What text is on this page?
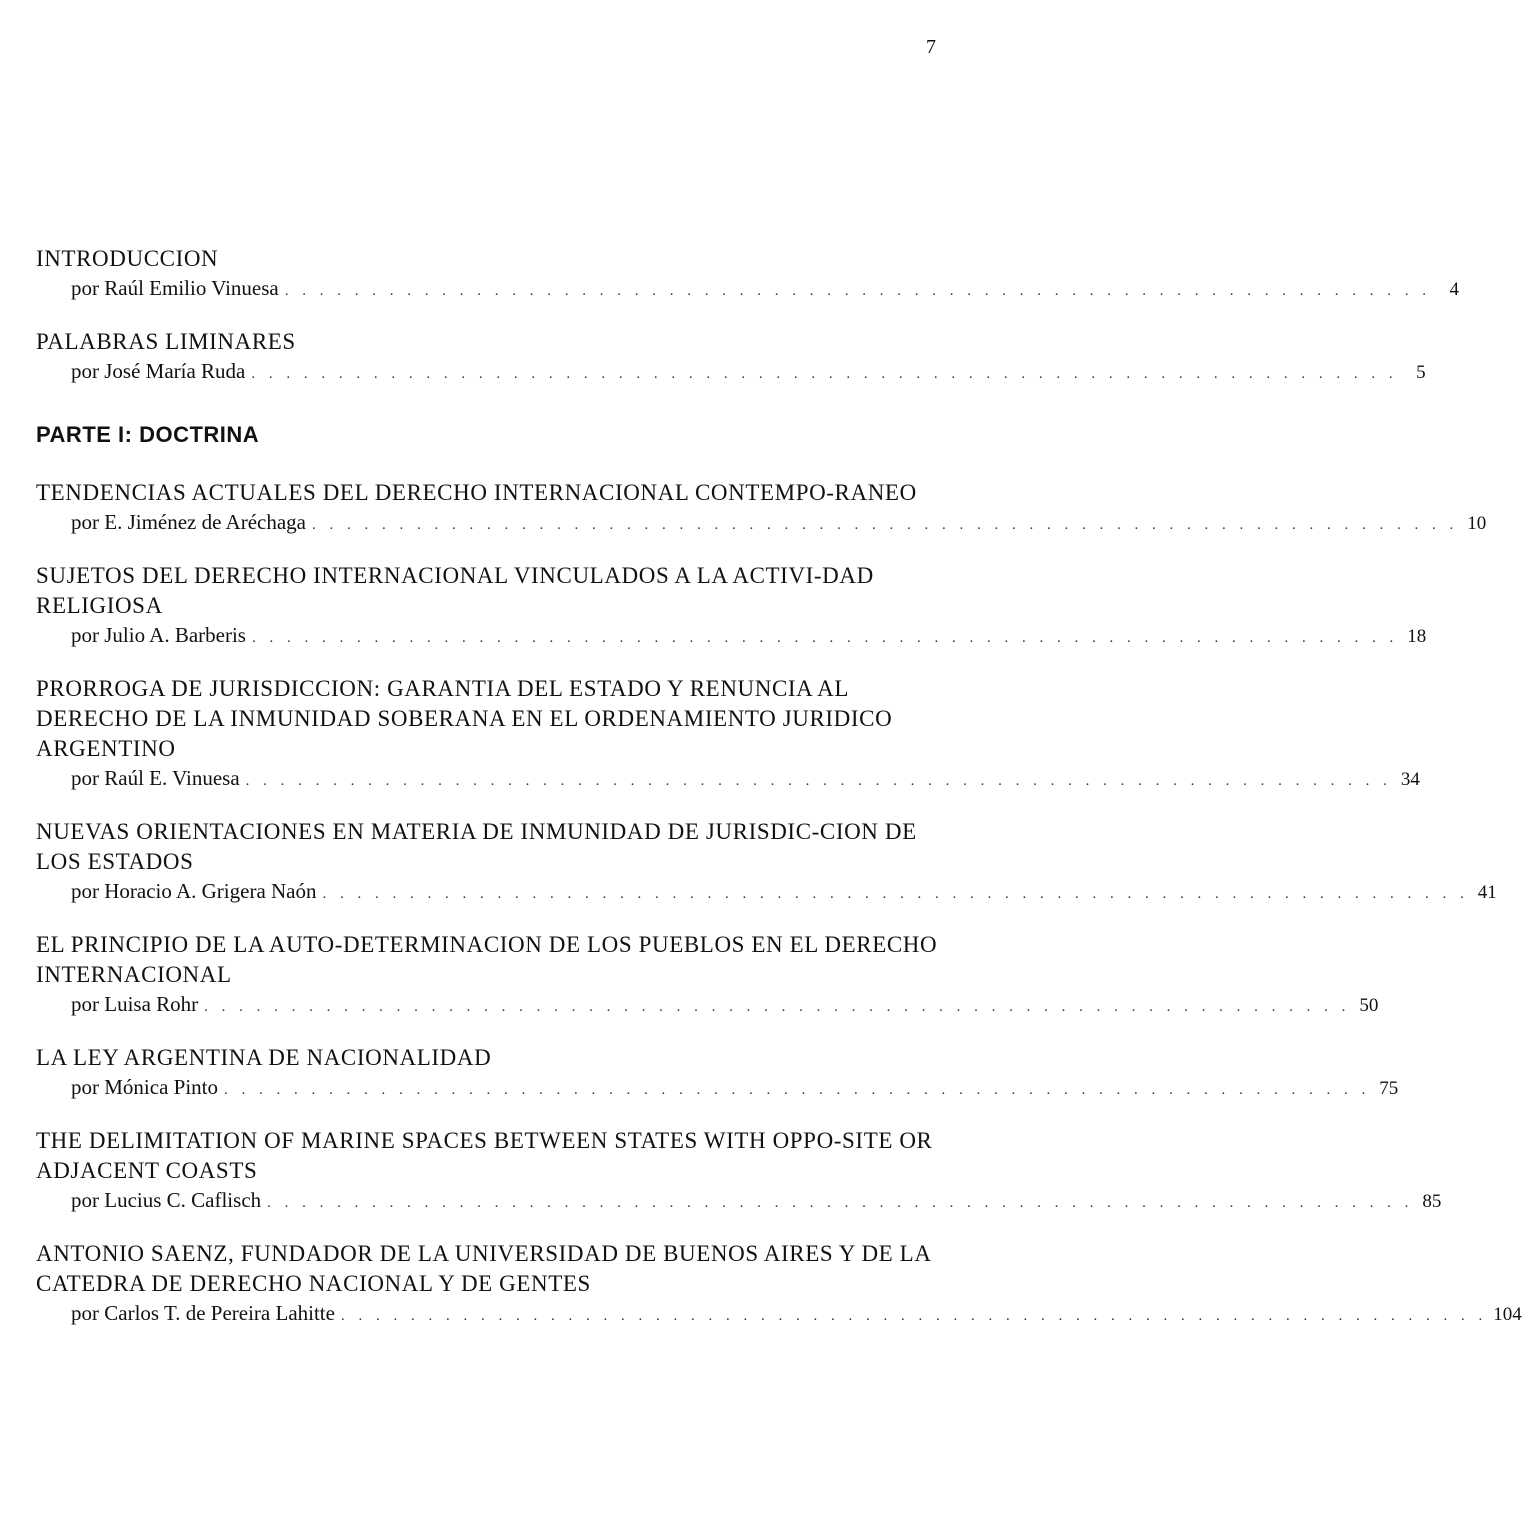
7
INTRODUCCION
por Raúl Emilio Vinuesa . . . . . . . . . . . . . . . . . . . . . . . . . . . . . . . . . . . . . . . . . . . . . . . . . . . . . . . . . . . . . . . . . . 4
PALABRAS LIMINARES
por José María Ruda . . . . . . . . . . . . . . . . . . . . . . . . . . . . . . . . . . . . . . . . . . . . . . . . . . . . . . . . . . . . . . . . . . 5
PARTE I: DOCTRINA
TENDENCIAS ACTUALES DEL DERECHO INTERNACIONAL CONTEMPO-RANEO
por E. Jiménez de Aréchaga . . . . . . . . . . . . . . . . . . . . . . . . . . . . . . . . . . . . . . . . . . . . . . . . . . . . . . . . . . . . . . . . . . 10
SUJETOS DEL DERECHO INTERNACIONAL VINCULADOS A LA ACTIVI-DAD RELIGIOSA
por Julio A. Barberis . . . . . . . . . . . . . . . . . . . . . . . . . . . . . . . . . . . . . . . . . . . . . . . . . . . . . . . . . . . . . . . . . . 18
PRORROGA DE JURISDICCION: GARANTIA DEL ESTADO Y RENUNCIA AL DERECHO DE LA INMUNIDAD SOBERANA EN EL ORDENAMIENTO JURIDICO ARGENTINO
por Raúl E. Vinuesa . . . . . . . . . . . . . . . . . . . . . . . . . . . . . . . . . . . . . . . . . . . . . . . . . . . . . . . . . . . . . . . . . . 34
NUEVAS ORIENTACIONES EN MATERIA DE INMUNIDAD DE JURISDIC-CION DE LOS ESTADOS
por Horacio A. Grigera Naón . . . . . . . . . . . . . . . . . . . . . . . . . . . . . . . . . . . . . . . . . . . . . . . . . . . . . . . . . . . . . . . . . . 41
EL PRINCIPIO DE LA AUTO-DETERMINACION DE LOS PUEBLOS EN EL DERECHO INTERNACIONAL
por Luisa Rohr . . . . . . . . . . . . . . . . . . . . . . . . . . . . . . . . . . . . . . . . . . . . . . . . . . . . . . . . . . . . . . . . . . 50
LA LEY ARGENTINA DE NACIONALIDAD
por Mónica Pinto . . . . . . . . . . . . . . . . . . . . . . . . . . . . . . . . . . . . . . . . . . . . . . . . . . . . . . . . . . . . . . . . . . 75
THE DELIMITATION OF MARINE SPACES BETWEEN STATES WITH OPPO-SITE OR ADJACENT COASTS
por Lucius C. Caflisch . . . . . . . . . . . . . . . . . . . . . . . . . . . . . . . . . . . . . . . . . . . . . . . . . . . . . . . . . . . . . . . . . . 85
ANTONIO SAENZ, FUNDADOR DE LA UNIVERSIDAD DE BUENOS AIRES Y DE LA CATEDRA DE DERECHO NACIONAL Y DE GENTES
por Carlos T. de Pereira Lahitte . . . . . . . . . . . . . . . . . . . . . . . . . . . . . . . . . . . . . . . . . . . . . . . . . . . . . . . . . . . . . . . . . . 104
